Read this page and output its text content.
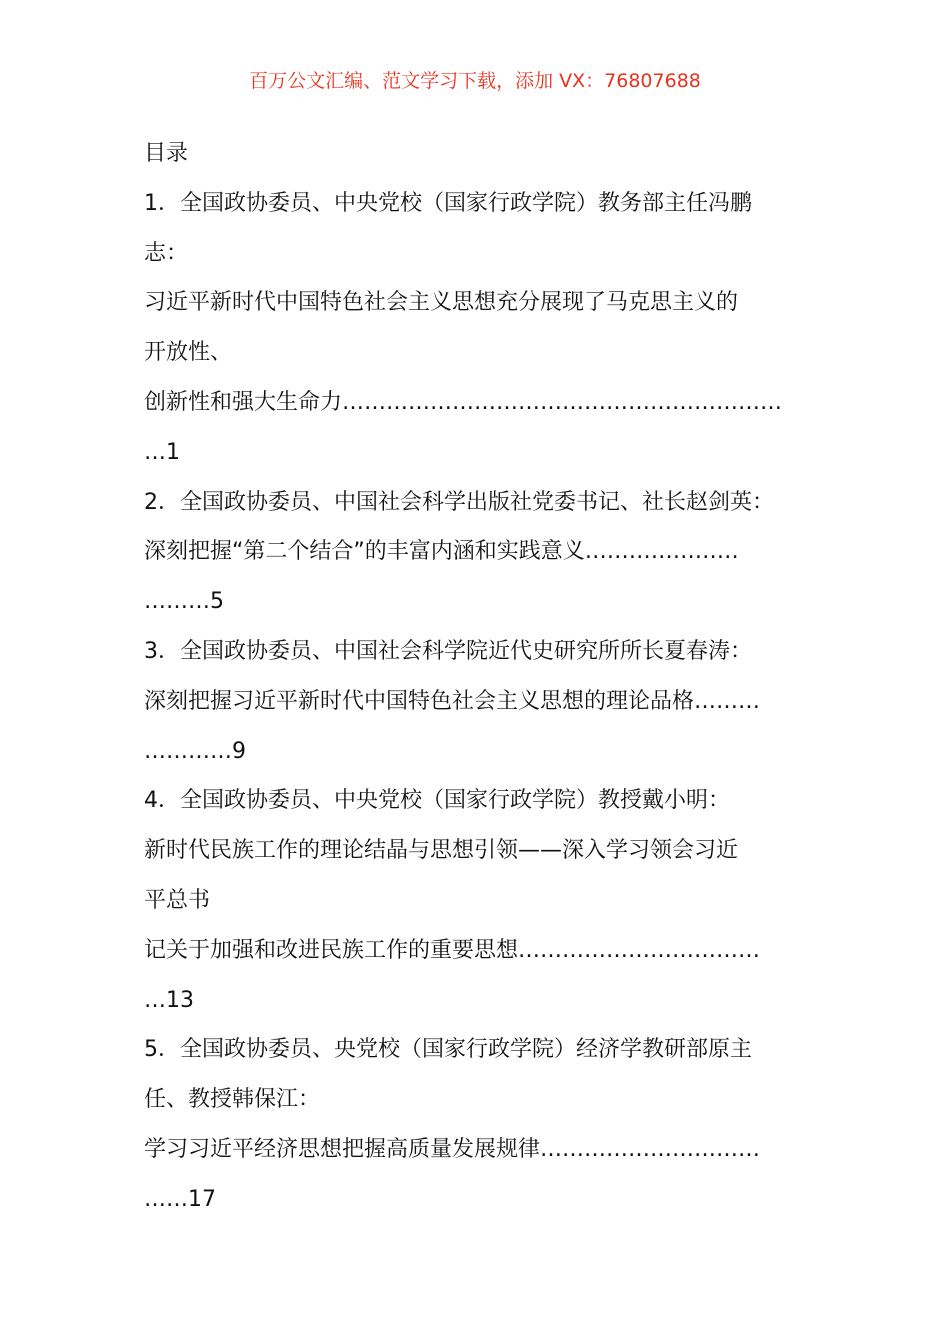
百万公文汇编、范文学习下载，添加 VX：76807688
目录
1．全国政协委员、中央党校（国家行政学院）教务部主任冯鹏
志：
习近平新时代中国特色社会主义思想充分展现了马克思主义的
开放性、
创新性和强大生命力……………………………………………………
…1
2．全国政协委员、中国社会科学出版社党委书记、社长赵剑英：
深刻把握“第二个结合”的丰富内涵和实践意义…………………
………5
3．全国政协委员、中国社会科学院近代史研究所所长夏春涛：
深刻把握习近平新时代中国特色社会主义思想的理论品格………
…………9
4．全国政协委员、中央党校（国家行政学院）教授戴小明：
新时代民族工作的理论结晶与思想引领——深入学习领会习近
平总书
记关于加强和改进民族工作的重要思想……………………………
…13
5．全国政协委员、央党校（国家行政学院）经济学教研部原主
任、教授韩保江：
学习习近平经济思想把握高质量发展规律…………………………
……17
